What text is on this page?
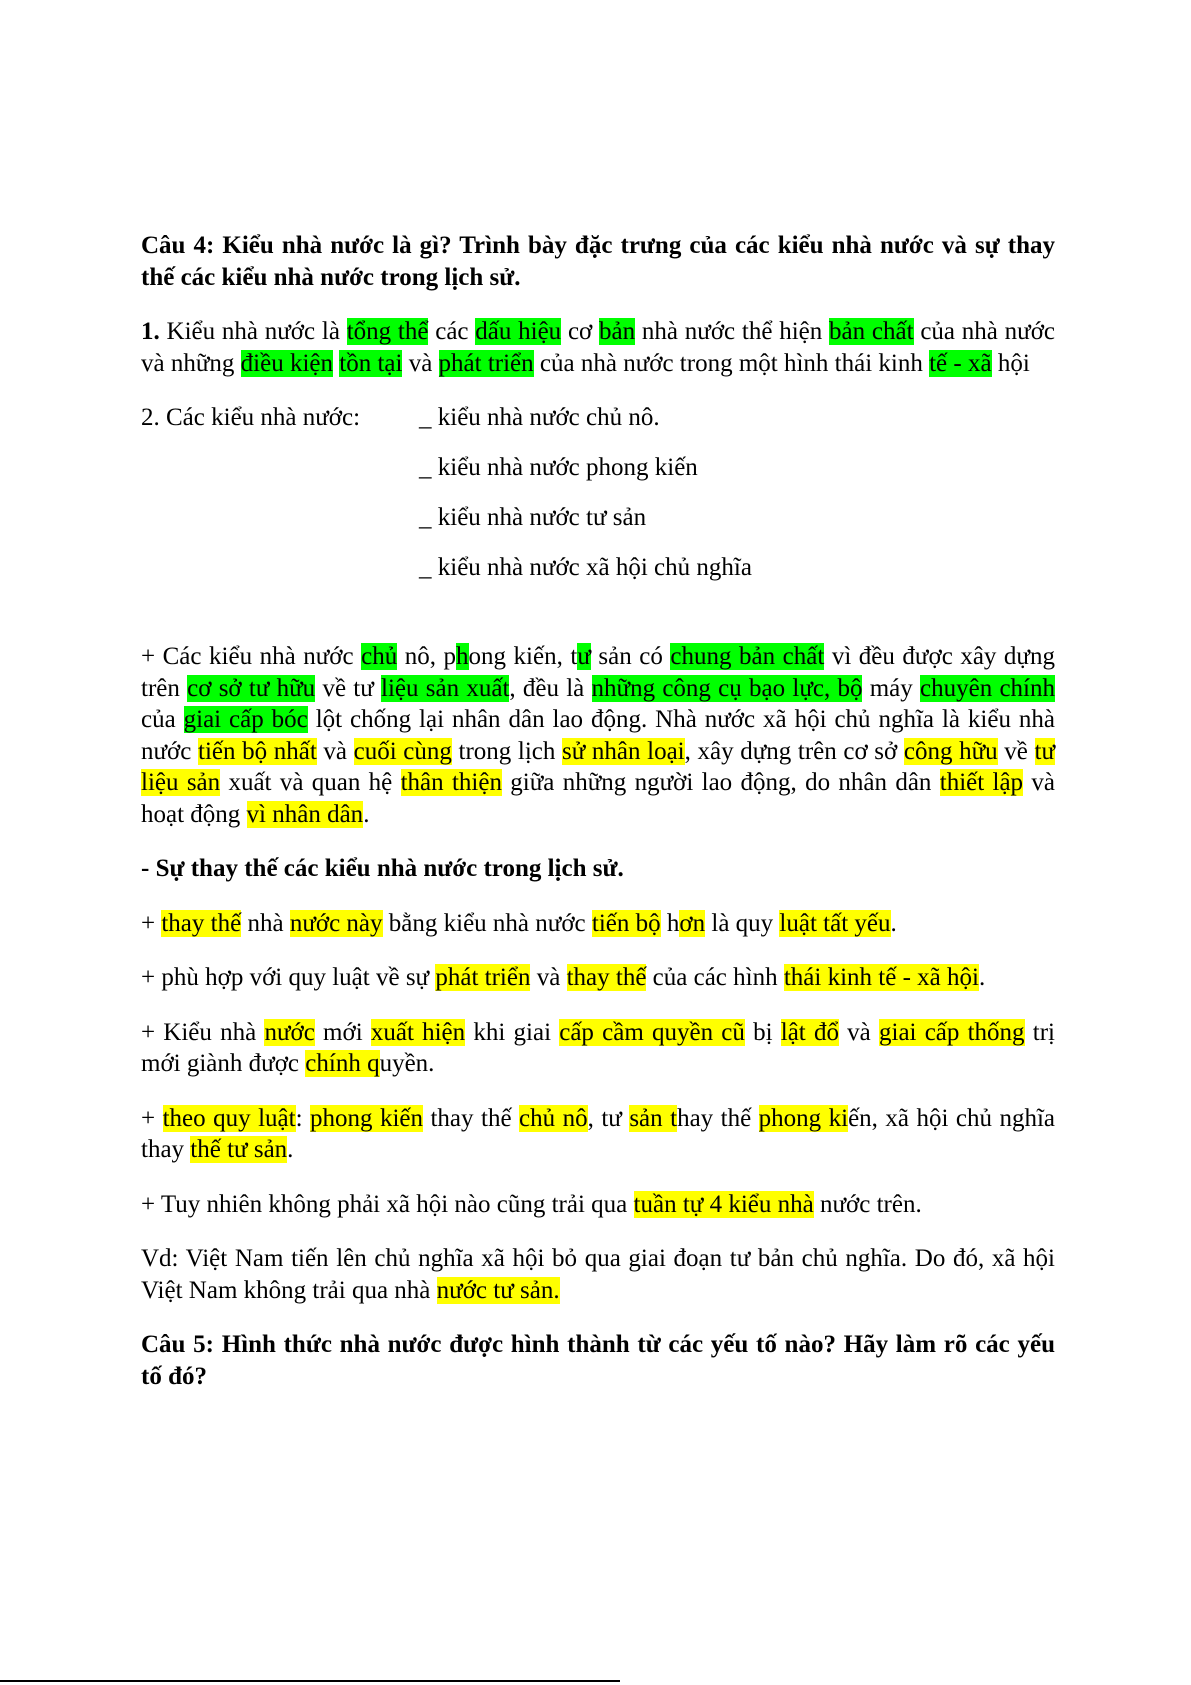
Câu 4: Kiểu nhà nước là gì? Trình bày đặc trưng của các kiểu nhà nước và sự thay thế các kiểu nhà nước trong lịch sử.
1. Kiểu nhà nước là tổng thể các dấu hiệu cơ bản nhà nước thể hiện bản chất của nhà nước và những điều kiện tồn tại và phát triển của nhà nước trong một hình thái kinh tế - xã hội
2. Các kiểu nhà nước: _ kiểu nhà nước chủ nô.
_ kiểu nhà nước phong kiến
_ kiểu nhà nước tư sản
_ kiểu nhà nước xã hội chủ nghĩa
+ Các kiểu nhà nước chủ nô, phong kiến, tư sản có chung bản chất vì đều được xây dựng trên cơ sở tư hữu về tư liệu sản xuất, đều là những công cụ bạo lực, bộ máy chuyên chính của giai cấp bóc lột chống lại nhân dân lao động. Nhà nước xã hội chủ nghĩa là kiểu nhà nước tiến bộ nhất và cuối cùng trong lịch sử nhân loại, xây dựng trên cơ sở công hữu về tư liệu sản xuất và quan hệ thân thiện giữa những người lao động, do nhân dân thiết lập và hoạt động vì nhân dân.
- Sự thay thế các kiểu nhà nước trong lịch sử.
+ thay thế nhà nước này bằng kiểu nhà nước tiến bộ hơn là quy luật tất yếu.
+ phù hợp với quy luật về sự phát triển và thay thế của các hình thái kinh tế - xã hội.
+ Kiểu nhà nước mới xuất hiện khi giai cấp cầm quyền cũ bị lật đổ và giai cấp thống trị mới giành được chính quyền.
+ theo quy luật: phong kiến thay thế chủ nô, tư sản thay thế phong kiến, xã hội chủ nghĩa thay thế tư sản.
+ Tuy nhiên không phải xã hội nào cũng trải qua tuần tự 4 kiểu nhà nước trên.
Vd: Việt Nam tiến lên chủ nghĩa xã hội bỏ qua giai đoạn tư bản chủ nghĩa. Do đó, xã hội Việt Nam không trải qua nhà nước tư sản.
Câu 5: Hình thức nhà nước được hình thành từ các yếu tố nào? Hãy làm rõ các yếu tố đó?
